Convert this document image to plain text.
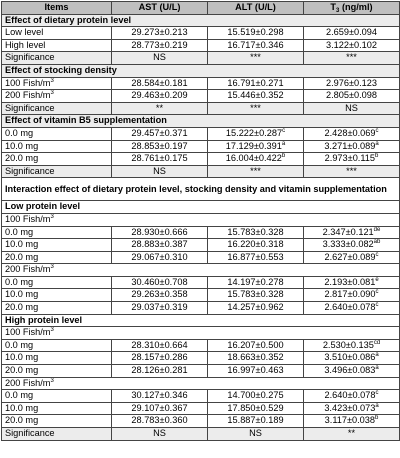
Items	AST (U/L)	ALT (U/L)	$T_3$ (ng/ml)
Effect of dietary protein level			
Low level	29.273±0.213	15.519±0.298	2.659±0.094
High level	28.773±0.219	16.717±0.346	3.122±0.102
Significance	NS	***	***
Effect of stocking density			
100 Fish/$m^3$	28.584±0.181	16.791±0.271	2.976±0.123
200 Fish/$m^3$	29.463±0.209	15.446±0.352	2.805±0.098
Significance	**	***	NS
Effect of vitamin B5 supplementation			
0.0 mg	29.457±0.371	15.222±0.287$^c$	2.428±0.069$^c$
10.0 mg	28.853±0.197	17.129±0.391$^a$	3.271±0.089$^a$
20.0 mg	28.761±0.175	16.004±0.422$^b$	2.973±0.115$^b$
Significance	NS	***	***
Interaction effect of dietary protein level, stocking density and vitamin supplementation			
Low protein level			
100 Fish/$m^3$
0.0 mg	28.930±0.666	15.783±0.328	2.347±0.121de
10.0 mg	28.883±0.387	16.220±0.318	3.333±0.082$^{ab}$
20.0 mg	29.067±0.310	16.877±0.553	2.627±0.089$^c$
200 Fish/$m^3$
0.0 mg	30.460±0.708	14.197±0.278	2.193±0.081$^e$
10.0 mg	29.263±0.358	15.783±0.328	2.817±0.090$^c$
20.0 mg	29.037±0.319	14.257±0.962	2.640±0.078$^c$
High protein level			
100 Fish/$m^3$
0.0 mg	28.310±0.664	16.207±0.500	2.530±0.135$^{cd}$
10.0 mg	28.157±0.286	18.663±0.352	3.510±0.086$^a$
20.0 mg	28.126±0.281	16.997±0.463	3.496±0.083$^a$
200 Fish/$m^3$
0.0 mg	30.127±0.346	14.700±0.275	2.640±0.078$^c$
10.0 mg	29.107±0.367	17.850±0.529	3.423±0.073$^a$
20.0 mg	28.783±0.360	15.887±0.189	3.117±0.038$^b$
Significance	NS	NS	**
